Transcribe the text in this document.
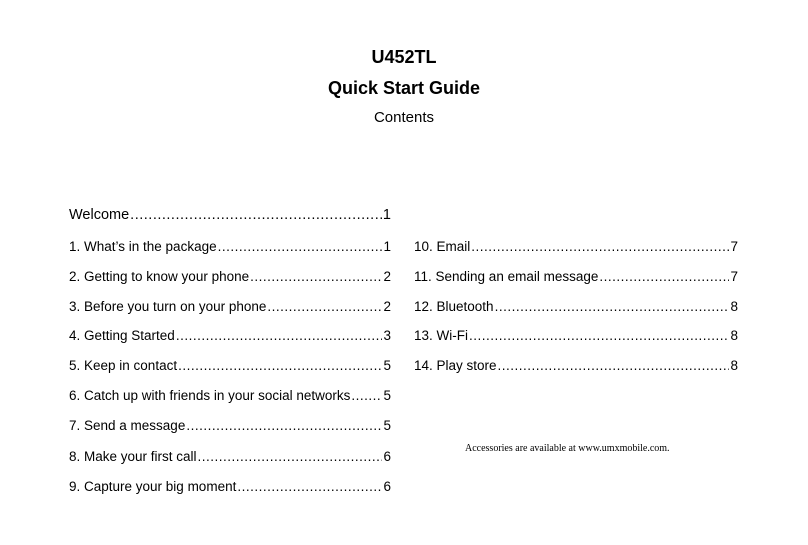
U452TL
Quick Start Guide
Contents
Welcome .....	1
1. What’s in the package .....	1
2. Getting to know your phone .....	2
3. Before you turn on your phone .....	2
4. Getting Started .....	3
5. Keep in contact .....	5
6. Catch up with friends in your social networks ..... 5
7. Send a message .....	5
8. Make your first call .....	6
9. Capture your big moment .....	6
10. Email .....	7
11. Sending an email message .....	7
12. Bluetooth .....	8
13. Wi-Fi .....	8
14. Play store .....	8
Accessories are available at www.umxmobile.com.
